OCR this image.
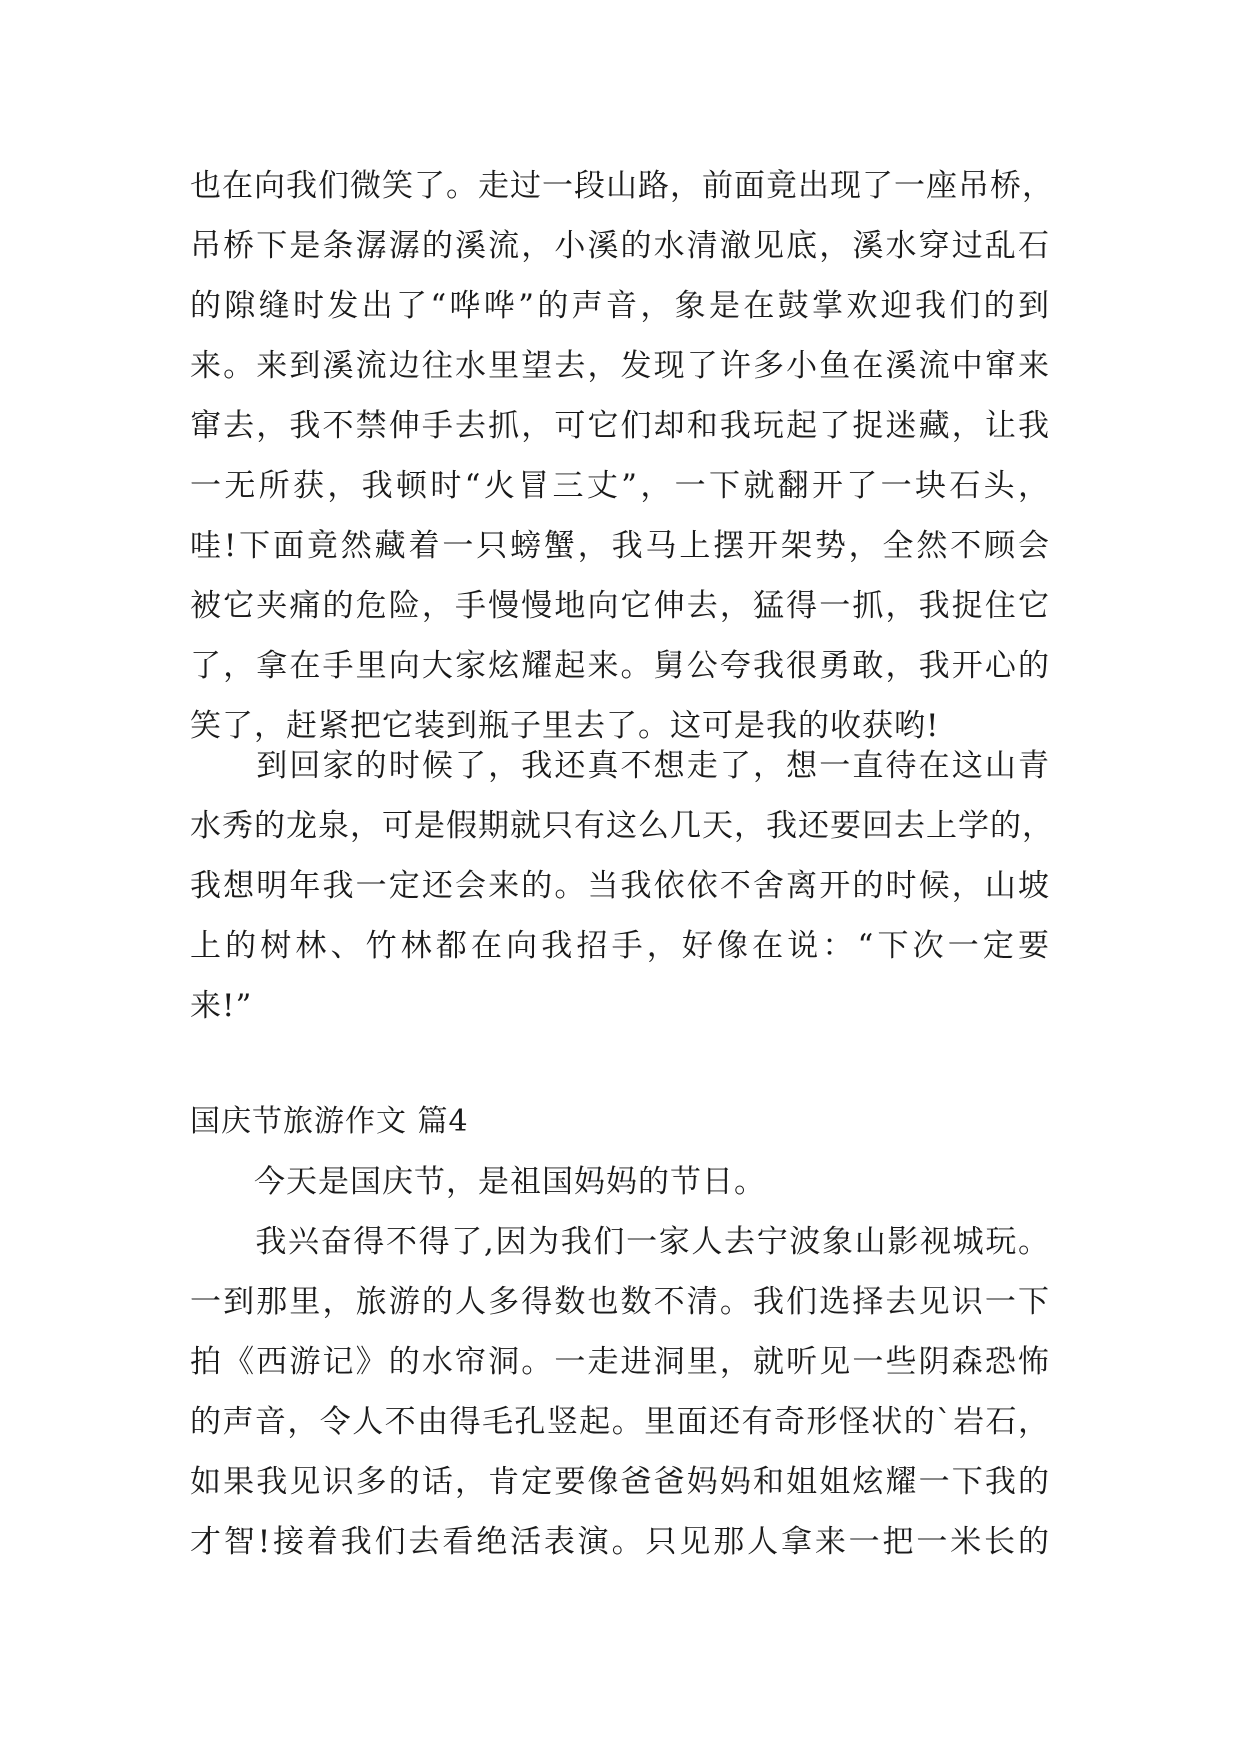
也在向我们微笑了。走过一段山路，前面竟出现了一座吊桥，
吊桥下是条潺潺的溪流，小溪的水清澈见底，溪水穿过乱石
的隙缝时发出了“哗哗”的声音，象是在鼓掌欢迎我们的到
来。来到溪流边往水里望去，发现了许多小鱼在溪流中窜来
窜去，我不禁伸手去抓，可它们却和我玩起了捉迷藏，让我
一无所获，我顿时“火冒三丈”，一下就翻开了一块石头，
哇!下面竟然藏着一只螃蟹，我马上摆开架势，全然不顾会
被它夹痛的危险，手慢慢地向它伸去，猛得一抓，我捉住它
了，拿在手里向大家炫耀起来。舅公夸我很勇敢，我开心的
笑了，赶紧把它装到瓶子里去了。这可是我的收获哟!
　　到回家的时候了，我还真不想走了，想一直待在这山青
水秀的龙泉，可是假期就只有这么几天，我还要回去上学的，
我想明年我一定还会来的。当我依依不舍离开的时候，山坡
上的树林、竹林都在向我招手，好像在说：“下次一定要
来!”
国庆节旅游作文 篇4
　　今天是国庆节，是祖国妈妈的节日。
　　我兴奋得不得了,因为我们一家人去宁波象山影视城玩。
一到那里，旅游的人多得数也数不清。我们选择去见识一下
拍《西游记》的水帘洞。一走进洞里，就听见一些阴森恐怖
的声音，令人不由得毛孔竖起。里面还有奇形怪状的`岩石，
如果我见识多的话，肯定要像爸爸妈妈和姐姐炫耀一下我的
才智!接着我们去看绝活表演。只见那人拿来一把一米长的
